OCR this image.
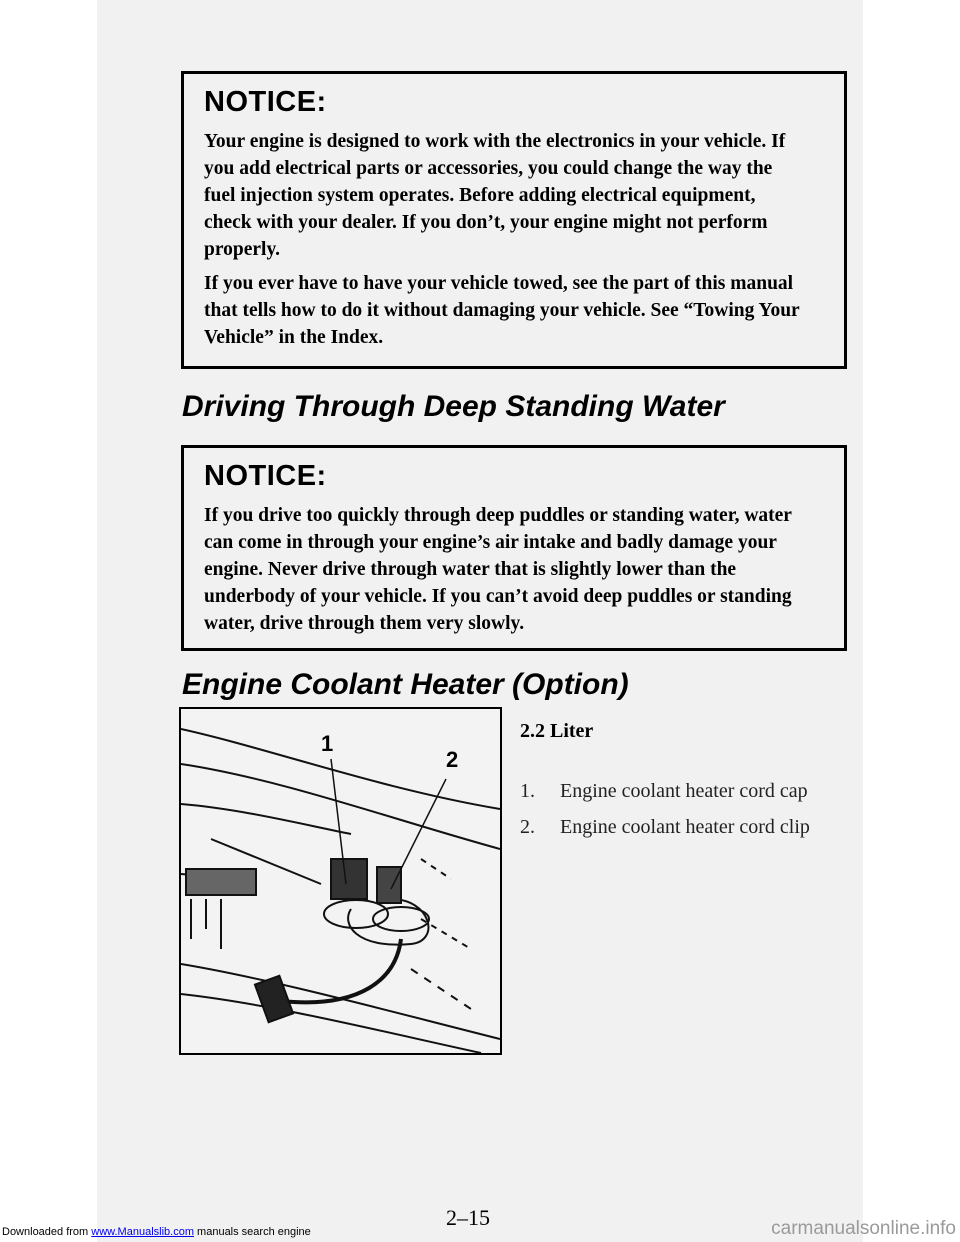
NOTICE:
Your engine is designed to work with the electronics in your vehicle. If you add electrical parts or accessories, you could change the way the fuel injection system operates. Before adding electrical equipment, check with your dealer. If you don’t, your engine might not perform properly.
If you ever have to have your vehicle towed, see the part of this manual that tells how to do it without damaging your vehicle. See “Towing Your Vehicle” in the Index.
Driving Through Deep Standing Water
NOTICE:
If you drive too quickly through deep puddles or standing water, water can come in through your engine’s air intake and badly damage your engine. Never drive through water that is slightly lower than the underbody of your vehicle. If you can’t avoid deep puddles or standing water, drive through them very slowly.
Engine Coolant Heater (Option)
1
2
2.2 Liter
1. Engine coolant heater cord cap
2. Engine coolant heater cord clip
2–15
Downloaded from www.Manualslib.com manuals search engine	carmanualsonline.info
